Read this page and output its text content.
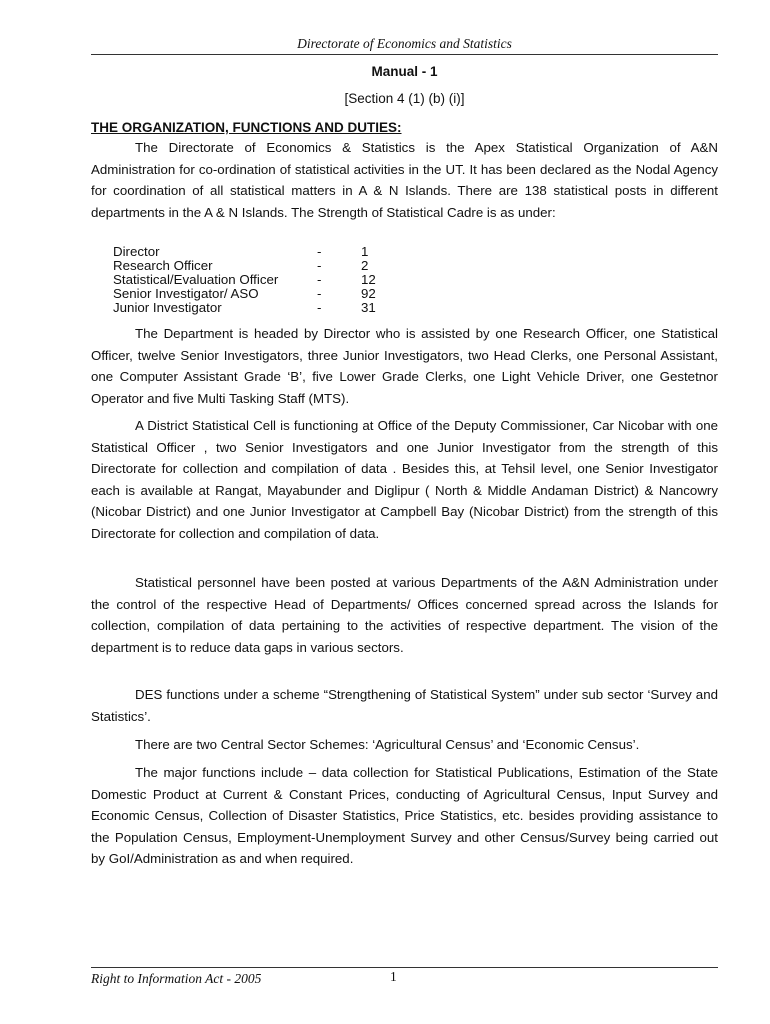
Directorate of Economics and Statistics
Manual - 1
[Section 4 (1) (b) (i)]
THE ORGANIZATION, FUNCTIONS AND DUTIES:

The Directorate of Economics & Statistics is the Apex Statistical Organization of A&N Administration for co-ordination of statistical activities in the UT. It has been declared as the Nodal Agency for coordination of all statistical matters in A & N Islands. There are 138 statistical posts in different departments in the A & N Islands. The Strength of Statistical Cadre is as under:

Director	-	1
Research Officer	-	2
Statistical/Evaluation Officer	-	12
Senior Investigator/ ASO	-	92
Junior Investigator	-	31

The Department is headed by Director who is assisted by one Research Officer, one Statistical Officer, twelve Senior Investigators, three Junior Investigators, two Head Clerks, one Personal Assistant, one Computer Assistant Grade ‘B’, five Lower Grade Clerks, one Light Vehicle Driver, one Gestetnor Operator and five Multi Tasking Staff (MTS).

A District Statistical Cell is functioning at Office of the Deputy Commissioner, Car Nicobar with one Statistical Officer , two Senior Investigators and one Junior Investigator from the strength of this Directorate for collection and compilation of data . Besides this, at Tehsil level, one Senior Investigator each is available at Rangat, Mayabunder and Diglipur ( North & Middle Andaman District) & Nancowry (Nicobar District) and one Junior Investigator at Campbell Bay (Nicobar District) from the strength of this Directorate for collection and compilation of data.

Statistical personnel have been posted at various Departments of the A&N Administration under the control of the respective Head of Departments/ Offices concerned spread across the Islands for collection, compilation of data pertaining to the activities of respective department. The vision of the department is to reduce data gaps in various sectors.

DES functions under a scheme “Strengthening of Statistical System” under sub sector ‘Survey and Statistics’.

There are two Central Sector Schemes: ‘Agricultural Census’ and ‘Economic Census’.

The major functions include – data collection for Statistical Publications, Estimation of the State Domestic Product at Current & Constant Prices, conducting of Agricultural Census, Input Survey and Economic Census, Collection of Disaster Statistics, Price Statistics, etc. besides providing assistance to the Population Census, Employment-Unemployment Survey and other Census/Survey being carried out by GoI/Administration as and when required.

Right to Information Act - 2005	1
